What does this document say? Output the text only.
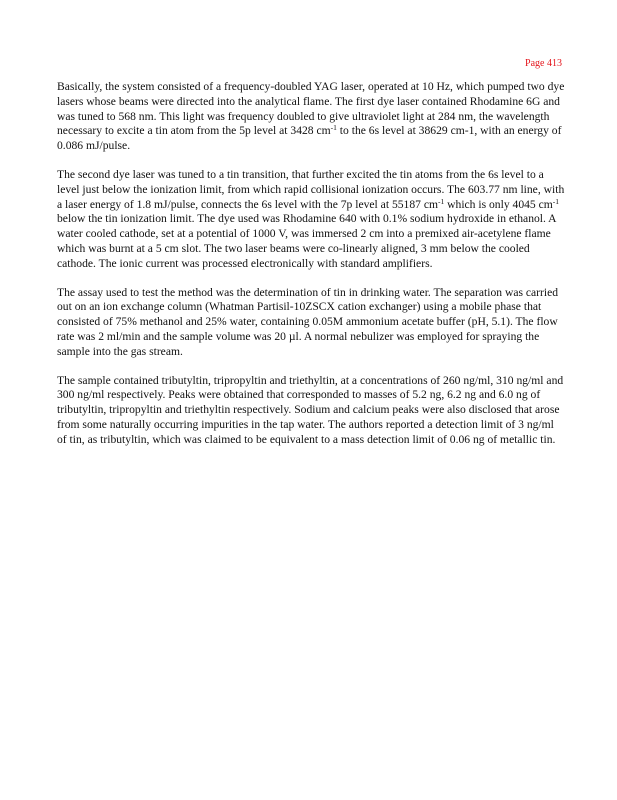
Page 413

Basically, the system consisted of a frequency-doubled YAG laser, operated at 10 Hz, which pumped two dye lasers whose beams were directed into the analytical flame. The first dye laser contained Rhodamine 6G and was tuned to 568 nm. This light was frequency doubled to give ultraviolet light at 284 nm, the wavelength necessary to excite a tin atom from the 5p level at 3428 $cm^{-1}$ to the 6s level at 38629 cm-1, with an energy of 0.086 mJ/pulse.

The second dye laser was tuned to a tin transition, that further excited the tin atoms from the 6s level to a level just below the ionization limit, from which rapid collisional ionization occurs. The 603.77 nm line, with a laser energy of 1.8 mJ/pulse, connects the 6s level with the 7p level at 55187 $cm^{-1}$ which is only 4045 $cm^{-1}$ below the tin ionization limit. The dye used was Rhodamine 640 with 0.1% sodium hydroxide in ethanol. A water cooled cathode, set at a potential of 1000 V, was immersed 2 cm into a premixed air-acetylene flame which was burnt at a 5 cm slot. The two laser beams were co-linearly aligned, 3 mm below the cooled cathode. The ionic current was processed electronically with standard amplifiers.

The assay used to test the method was the determination of tin in drinking water. The separation was carried out on an ion exchange column (Whatman Partisil-10ZSCX cation exchanger) using a mobile phase that consisted of 75% methanol and 25% water, containing 0.05M ammonium acetate buffer (pH, 5.1). The flow rate was 2 ml/min and the sample volume was 20 µl. A normal nebulizer was employed for spraying the sample into the gas stream.

The sample contained tributyltin, tripropyltin and triethyltin, at a concentrations of 260 ng/ml, 310 ng/ml and 300 ng/ml respectively. Peaks were obtained that corresponded to masses of 5.2 ng, 6.2 ng and 6.0 ng of tributyltin, tripropyltin and triethyltin respectively. Sodium and calcium peaks were also disclosed that arose from some naturally occurring impurities in the tap water. The authors reported a detection limit of 3 ng/ml of tin, as tributyltin, which was claimed to be equivalent to a mass detection limit of 0.06 ng of metallic tin.
